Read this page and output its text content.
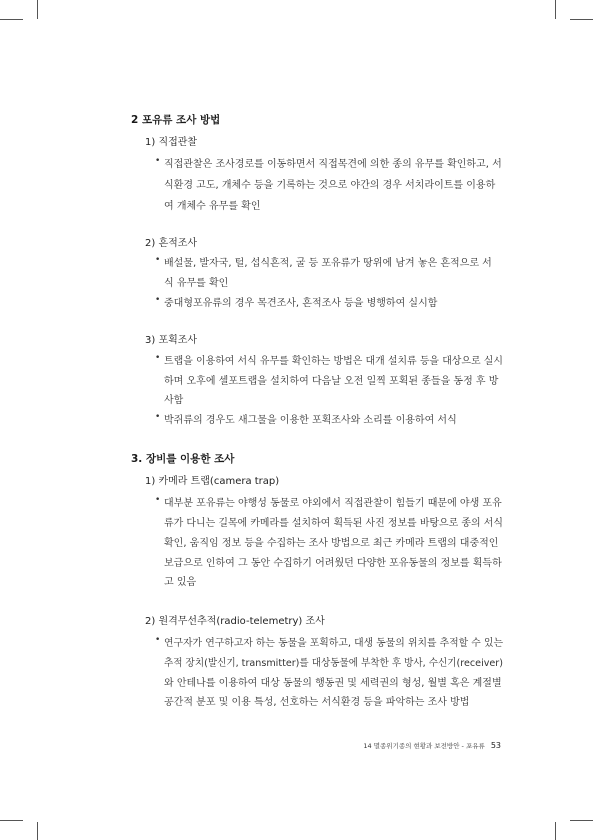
2 포유류 조사 방법
1) 직접관찰
• 직접관찰은 조사경로를 이동하면서 직접목견에 의한 종의 유무를 확인하고, 서
식환경 고도, 개체수 등을 기록하는 것으로 야간의 경우 서치라이트를 이용하
여 개체수 유무를 확인
2) 흔적조사
• 배설물, 발자국, 털, 섭식흔적, 굴 등 포유류가 땅위에 남겨 놓은 흔적으로 서
식 유무를 확인
• 중대형포유류의 경우 목견조사, 흔적조사 등을 병행하여 실시함
3) 포획조사
• 트랩을 이용하여 서식 유무를 확인하는 방법은 대개 설치류 등을 대상으로 실시
하며 오후에 셀포트랩을 설치하여 다음날 오전 일찍 포획된 종들을 동정 후 방
사함
• 박쥐류의 경우도 새그물을 이용한 포획조사와 소리를 이용하여 서식
3. 장비를 이용한 조사
1) 카메라 트랩(camera trap)
• 대부분 포유류는 야행성 동물로 야외에서 직접관찰이 힘들기 때문에 야생 포유
류가 다니는 길목에 카메라를 설치하여 획득된 사진 정보를 바탕으로 종의 서식
확인, 움직임 정보 등을 수집하는 조사 방법으로 최근 카메라 트랩의 대중적인
보급으로 인하여 그 동안 수집하기 어려웠던 다양한 포유동물의 정보를 획득하
고 있음
2) 원격무선추적(radio-telemetry) 조사
• 연구자가 연구하고자 하는 동물을 포획하고, 대생 동물의 위치를 추적할 수 있는
추적 장치(발신기, transmitter)를 대상동물에 부착한 후 방사, 수신기(receiver)
와 안테나를 이용하여 대상 동물의 행동권 및 세력권의 형성, 월별 혹은 계절별
공간적 분포 및 이용 특성, 선호하는 서식환경 등을 파악하는 조사 방법
14 멸종위기종의 현황과 보전방안 - 포유류 53
